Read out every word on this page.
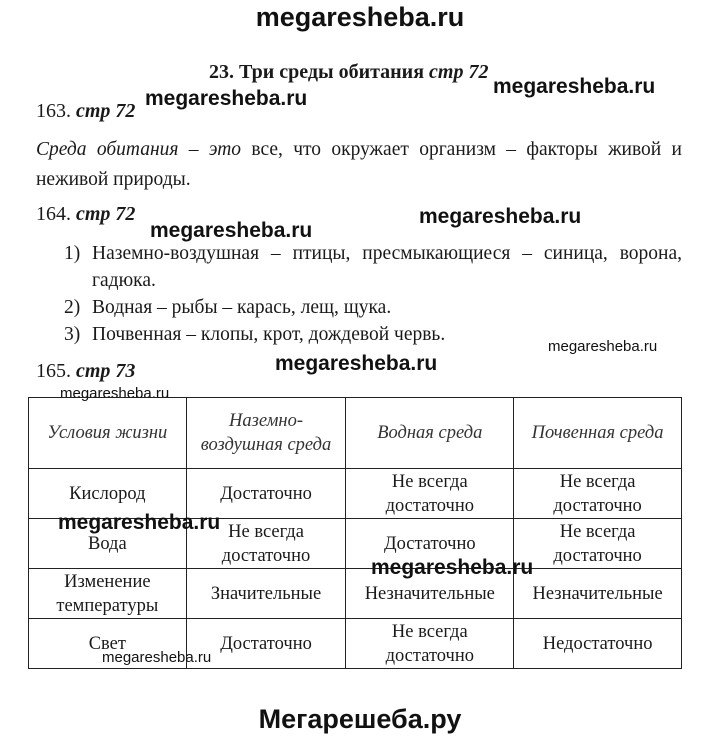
megaresheba.ru
23. Три среды обитания стр 72
megaresheba.ru
163. стр 72
megaresheba.ru
Среда обитания – это все, что окружает организм – факторы живой и неживой природы.
164. стр 72
megaresheba.ru
megaresheba.ru
1) Наземно-воздушная – птицы, пресмыкающиеся – синица, ворона, гадюка.
2) Водная – рыбы – карась, лещ, щука.
3) Почвенная – клопы, крот, дождевой червь.
megaresheba.ru
megaresheba.ru
165. стр 73
megaresheba.ru
Условия жизни	Наземно-воздушная среда	Водная среда	Почвенная среда
Кислород	Достаточно	Не всегда достаточно	Не всегда достаточно
Вода	Не всегда достаточно	Достаточно	Не всегда достаточно
Изменение температуры	Значительные	Незначительные	Незначительные
Свет	Достаточно	Не всегда достаточно	Недостаточно
megaresheba.ru
megaresheba.ru
megaresheba.ru
Мегарешеба.ру
